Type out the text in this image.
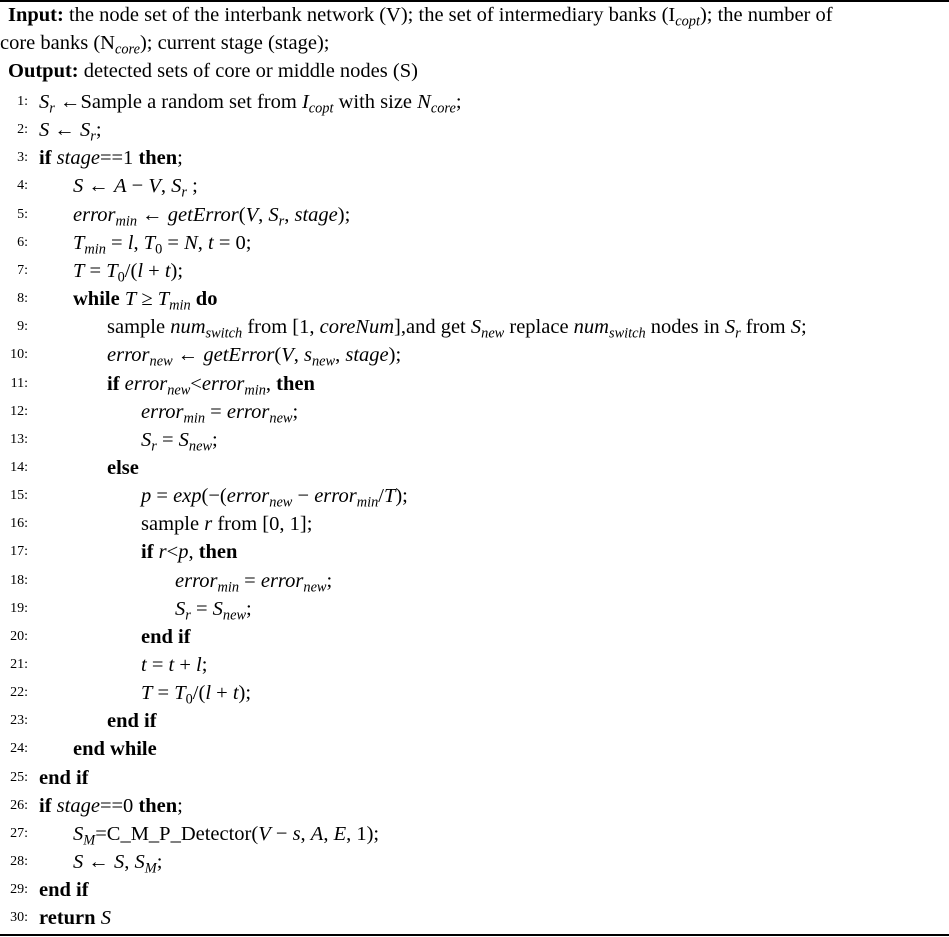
Input: the node set of the interbank network (V); the set of intermediary banks $(I_{copt})$; the number of
core banks $(N_{core})$; current stage (stage);
Output: detected sets of core or middle nodes (S)
1: $S_r$ ←Sample a random set from $I_{copt}$ with size $N_{core}$;
2: S ← $S_r$;
3: if stage==1 then;
4: S ← A − V, $S_r$ ;
5: error$_{min}$ ← getError(V, $S_r$, stage);
6: $T_{min} = l$, $T_0 = N$, t = 0;
7: $T = T_0/(l + t)$;
8: while $T \ge T_{min}$ do
9:	sample num$_{switch}$ from [1, coreNum],and get $S_{new}$ replace num$_{switch}$ nodes in $S_r$ from S;
10:	error$_{new}$ ← getError(V, $s_{new}$, stage);
11:	if error$_{new}$<error$_{min}$, then
12:	error$_{min}$ = error$_{new}$;
13:	$S_r = S_{new}$;
14:	else
15:	p = exp(−(error$_{new}$ − error$_{min}$/T);
16:	sample r from [0, 1];
17:	if r<p, then
18:	error$_{min}$ = error$_{new}$;
19:	$S_r = S_{new}$;
20:	end if
21:	t = t + l;
22:	$T = T_0/(l + t)$;
23:	end if
24: end while
25: end if
26: if stage==0 then;
27: $S_M=C\_M\_P\_Detector(V - s$, A, E, 1);
28: S ← S, $S_M$;
29: end if
30: return S
